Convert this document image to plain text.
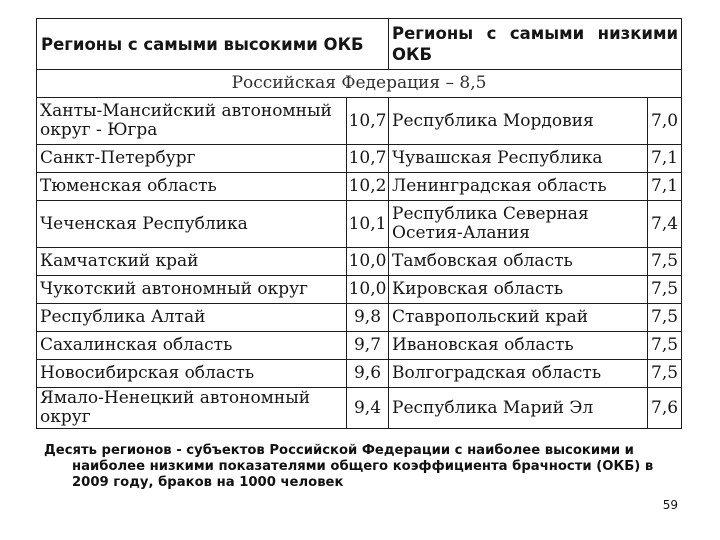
Регионы с самыми высокими ОКБ		Регионы с самыми низкими ОКБ	
Российская Федерация – 8,5			
Ханты-Мансийский автономный округ - Югра	10,7	Республика Мордовия	7,0
Санкт-Петербург	10,7	Чувашская Республика	7,1
Тюменская область	10,2	Ленинградская область	7,1
Чеченская Республика	10,1	Республика Северная Осетия-Алания	7,4
Камчатский край	10,0	Тамбовская область	7,5
Чукотский автономный округ	10,0	Кировская область	7,5
Республика Алтай	9,8	Ставропольский край	7,5
Сахалинская область	9,7	Ивановская область	7,5
Новосибирская область	9,6	Волгоградская область	7,5
Ямало-Ненецкий автономный округ	9,4	Республика Марий Эл	7,6
Десять регионов - субъектов Российской Федерации с наиболее высокими и
наиболее низкими показателями общего коэффициента брачности (ОКБ) в
2009 году, браков на 1000 человек
59
